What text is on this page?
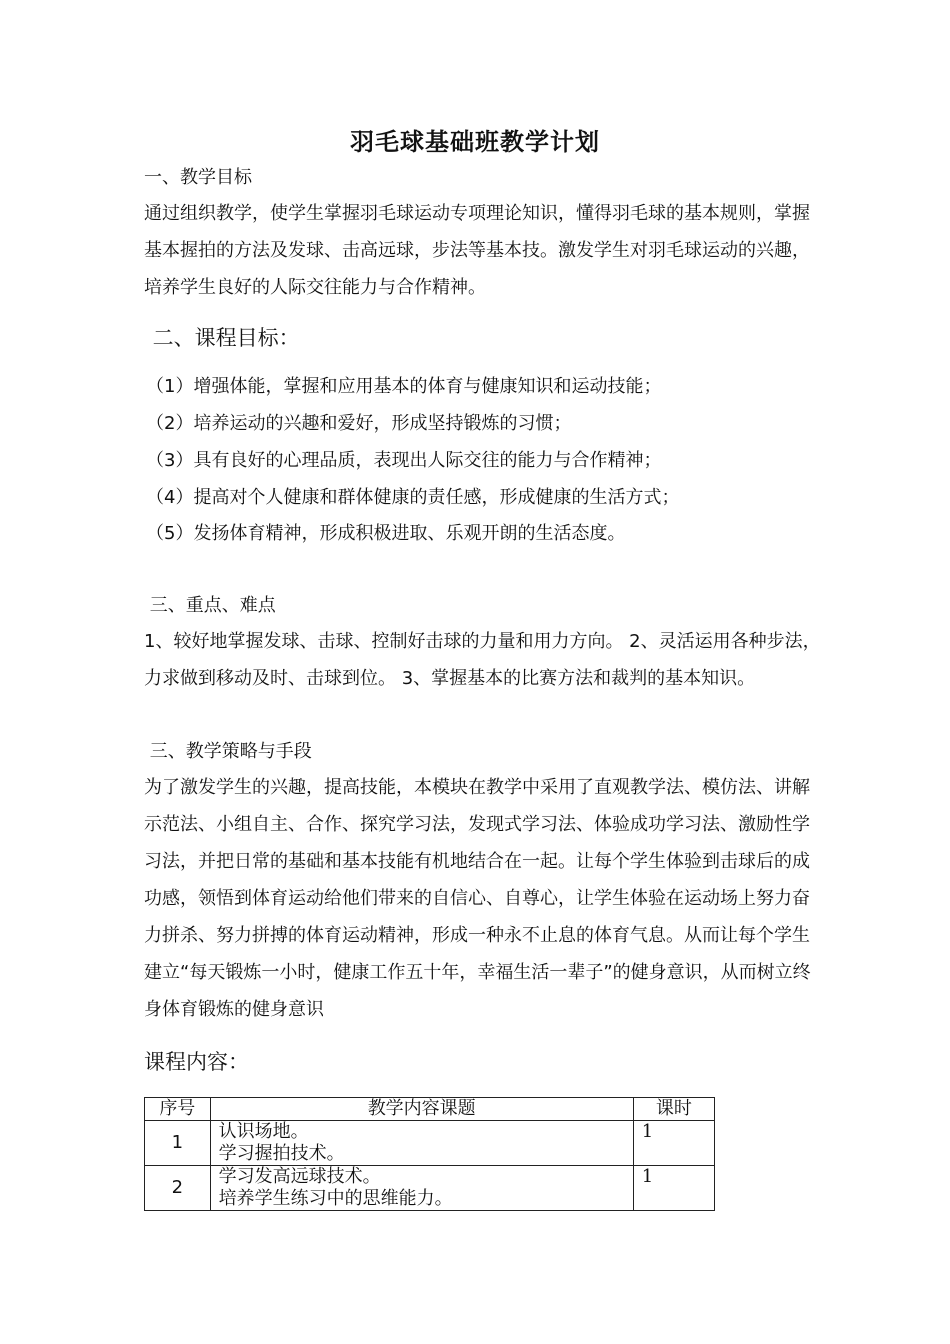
羽毛球基础班教学计划
一、教学目标
通过组织教学，使学生掌握羽毛球运动专项理论知识，懂得羽毛球的基本规则，掌握基本握拍的方法及发球、击高远球，步法等基本技。激发学生对羽毛球运动的兴趣，培养学生良好的人际交往能力与合作精神。
二、课程目标：
（1）增强体能，掌握和应用基本的体育与健康知识和运动技能；
（2）培养运动的兴趣和爱好，形成坚持锻炼的习惯；
（3）具有良好的心理品质，表现出人际交往的能力与合作精神；
（4）提高对个人健康和群体健康的责任感，形成健康的生活方式；
（5）发扬体育精神，形成积极进取、乐观开朗的生活态度。
三、重点、难点
1、较好地掌握发球、击球、控制好击球的力量和用力方向。 2、灵活运用各种步法，力求做到移动及时、击球到位。 3、掌握基本的比赛方法和裁判的基本知识。
三、教学策略与手段
为了激发学生的兴趣，提高技能，本模块在教学中采用了直观教学法、模仿法、讲解示范法、小组自主、合作、探究学习法，发现式学习法、体验成功学习法、激励性学习法，并把日常的基础和基本技能有机地结合在一起。让每个学生体验到击球后的成功感，领悟到体育运动给他们带来的自信心、自尊心，让学生体验在运动场上努力奋力拼杀、努力拼搏的体育运动精神，形成一种永不止息的体育气息。从而让每个学生建立“每天锻炼一小时，健康工作五十年，幸福生活一辈子”的健身意识，从而树立终身体育锻炼的健身意识
课程内容：
序号	教学内容课题	课时
1	认识场地。
学习握拍技术。	1
2	学习发高远球技术。
培养学生练习中的思维能力。	1
